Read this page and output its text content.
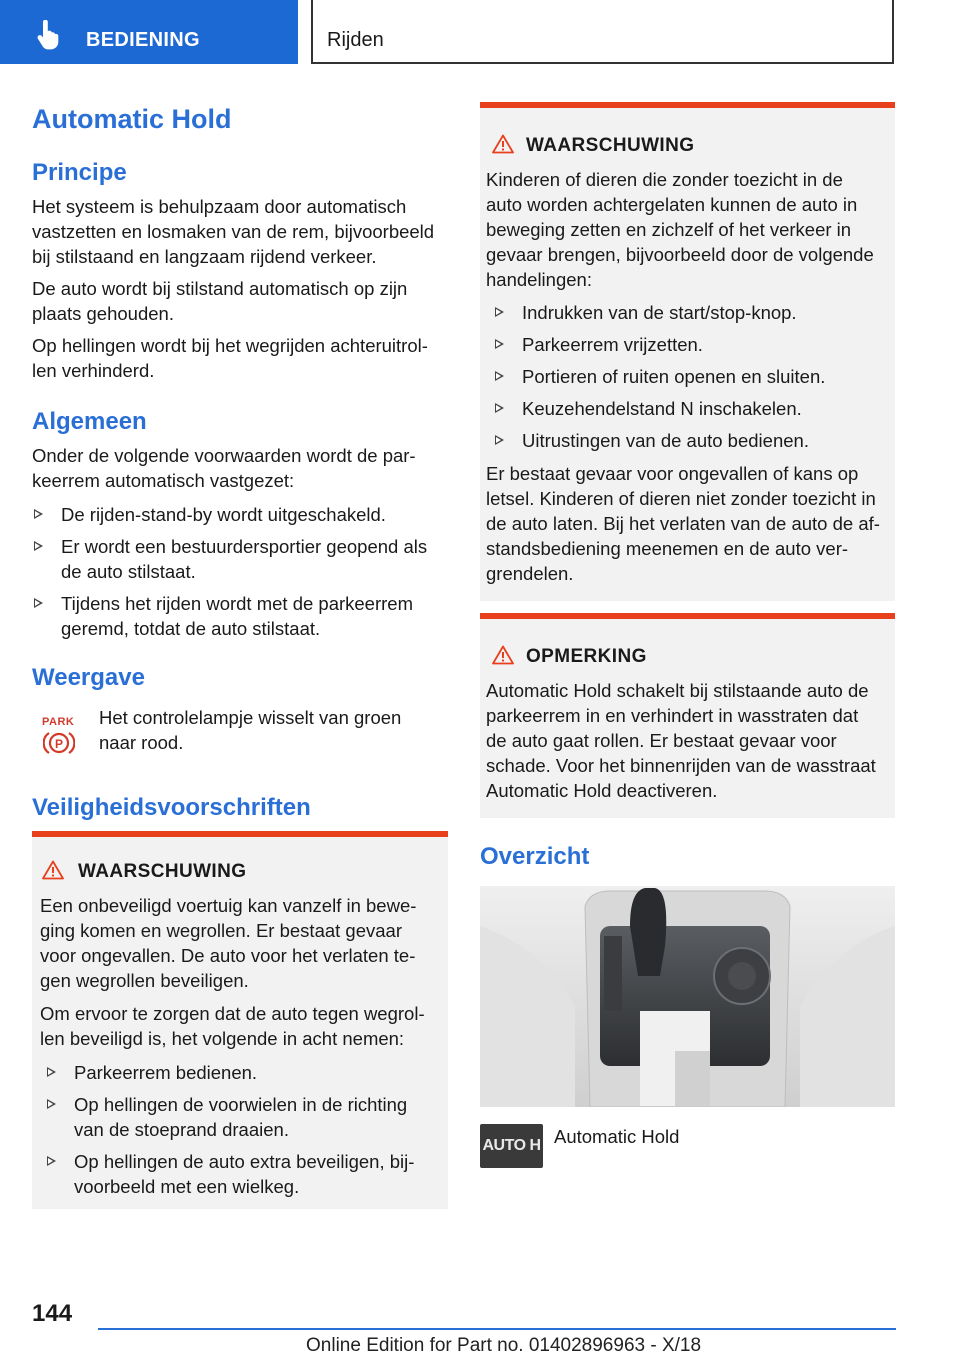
BEDIENING	Rijden
Automatic Hold
Principe
Het systeem is behulpzaam door automatisch
vastzetten en losmaken van de rem, bijvoorbeeld
bij stilstaand en langzaam rijdend verkeer.
De auto wordt bij stilstand automatisch op zijn
plaats gehouden.
Op hellingen wordt bij het wegrijden achteruitrol-
len verhinderd.
Algemeen
Onder de volgende voorwaarden wordt de par-
keerrem automatisch vastgezet:
De rijden-stand-by wordt uitgeschakeld.
Er wordt een bestuurdersportier geopend als
de auto stilstaat.
Tijdens het rijden wordt met de parkeerrem
geremd, totdat de auto stilstaat.
Weergave
PARK
P
Het controlelampje wisselt van groen
naar rood.
Veiligheidsvoorschriften
WAARSCHUWING
Een onbeveiligd voertuig kan vanzelf in bewe-
ging komen en wegrollen. Er bestaat gevaar
voor ongevallen. De auto voor het verlaten te-
gen wegrollen beveiligen.
Om ervoor te zorgen dat de auto tegen wegrol-
len beveiligd is, het volgende in acht nemen:
Parkeerrem bedienen.
Op hellingen de voorwielen in de richting
van de stoeprand draaien.
Op hellingen de auto extra beveiligen, bij-
voorbeeld met een wielkeg.
WAARSCHUWING
Kinderen of dieren die zonder toezicht in de
auto worden achtergelaten kunnen de auto in
beweging zetten en zichzelf of het verkeer in
gevaar brengen, bijvoorbeeld door de volgende
handelingen:
Indrukken van de start/stop-knop.
Parkeerrem vrijzetten.
Portieren of ruiten openen en sluiten.
Keuzehendelstand N inschakelen.
Uitrustingen van de auto bedienen.
Er bestaat gevaar voor ongevallen of kans op
letsel. Kinderen of dieren niet zonder toezicht in
de auto laten. Bij het verlaten van de auto de af-
standsbediening meenemen en de auto ver-
grendelen.
OPMERKING
Automatic Hold schakelt bij stilstaande auto de
parkeerrem in en verhindert in wasstraten dat
de auto gaat rollen. Er bestaat gevaar voor
schade. Voor het binnenrijden van de wasstraat
Automatic Hold deactiveren.
Overzicht
AUTO H Automatic Hold
144
Online Edition for Part no. 01402896963 - X/18
